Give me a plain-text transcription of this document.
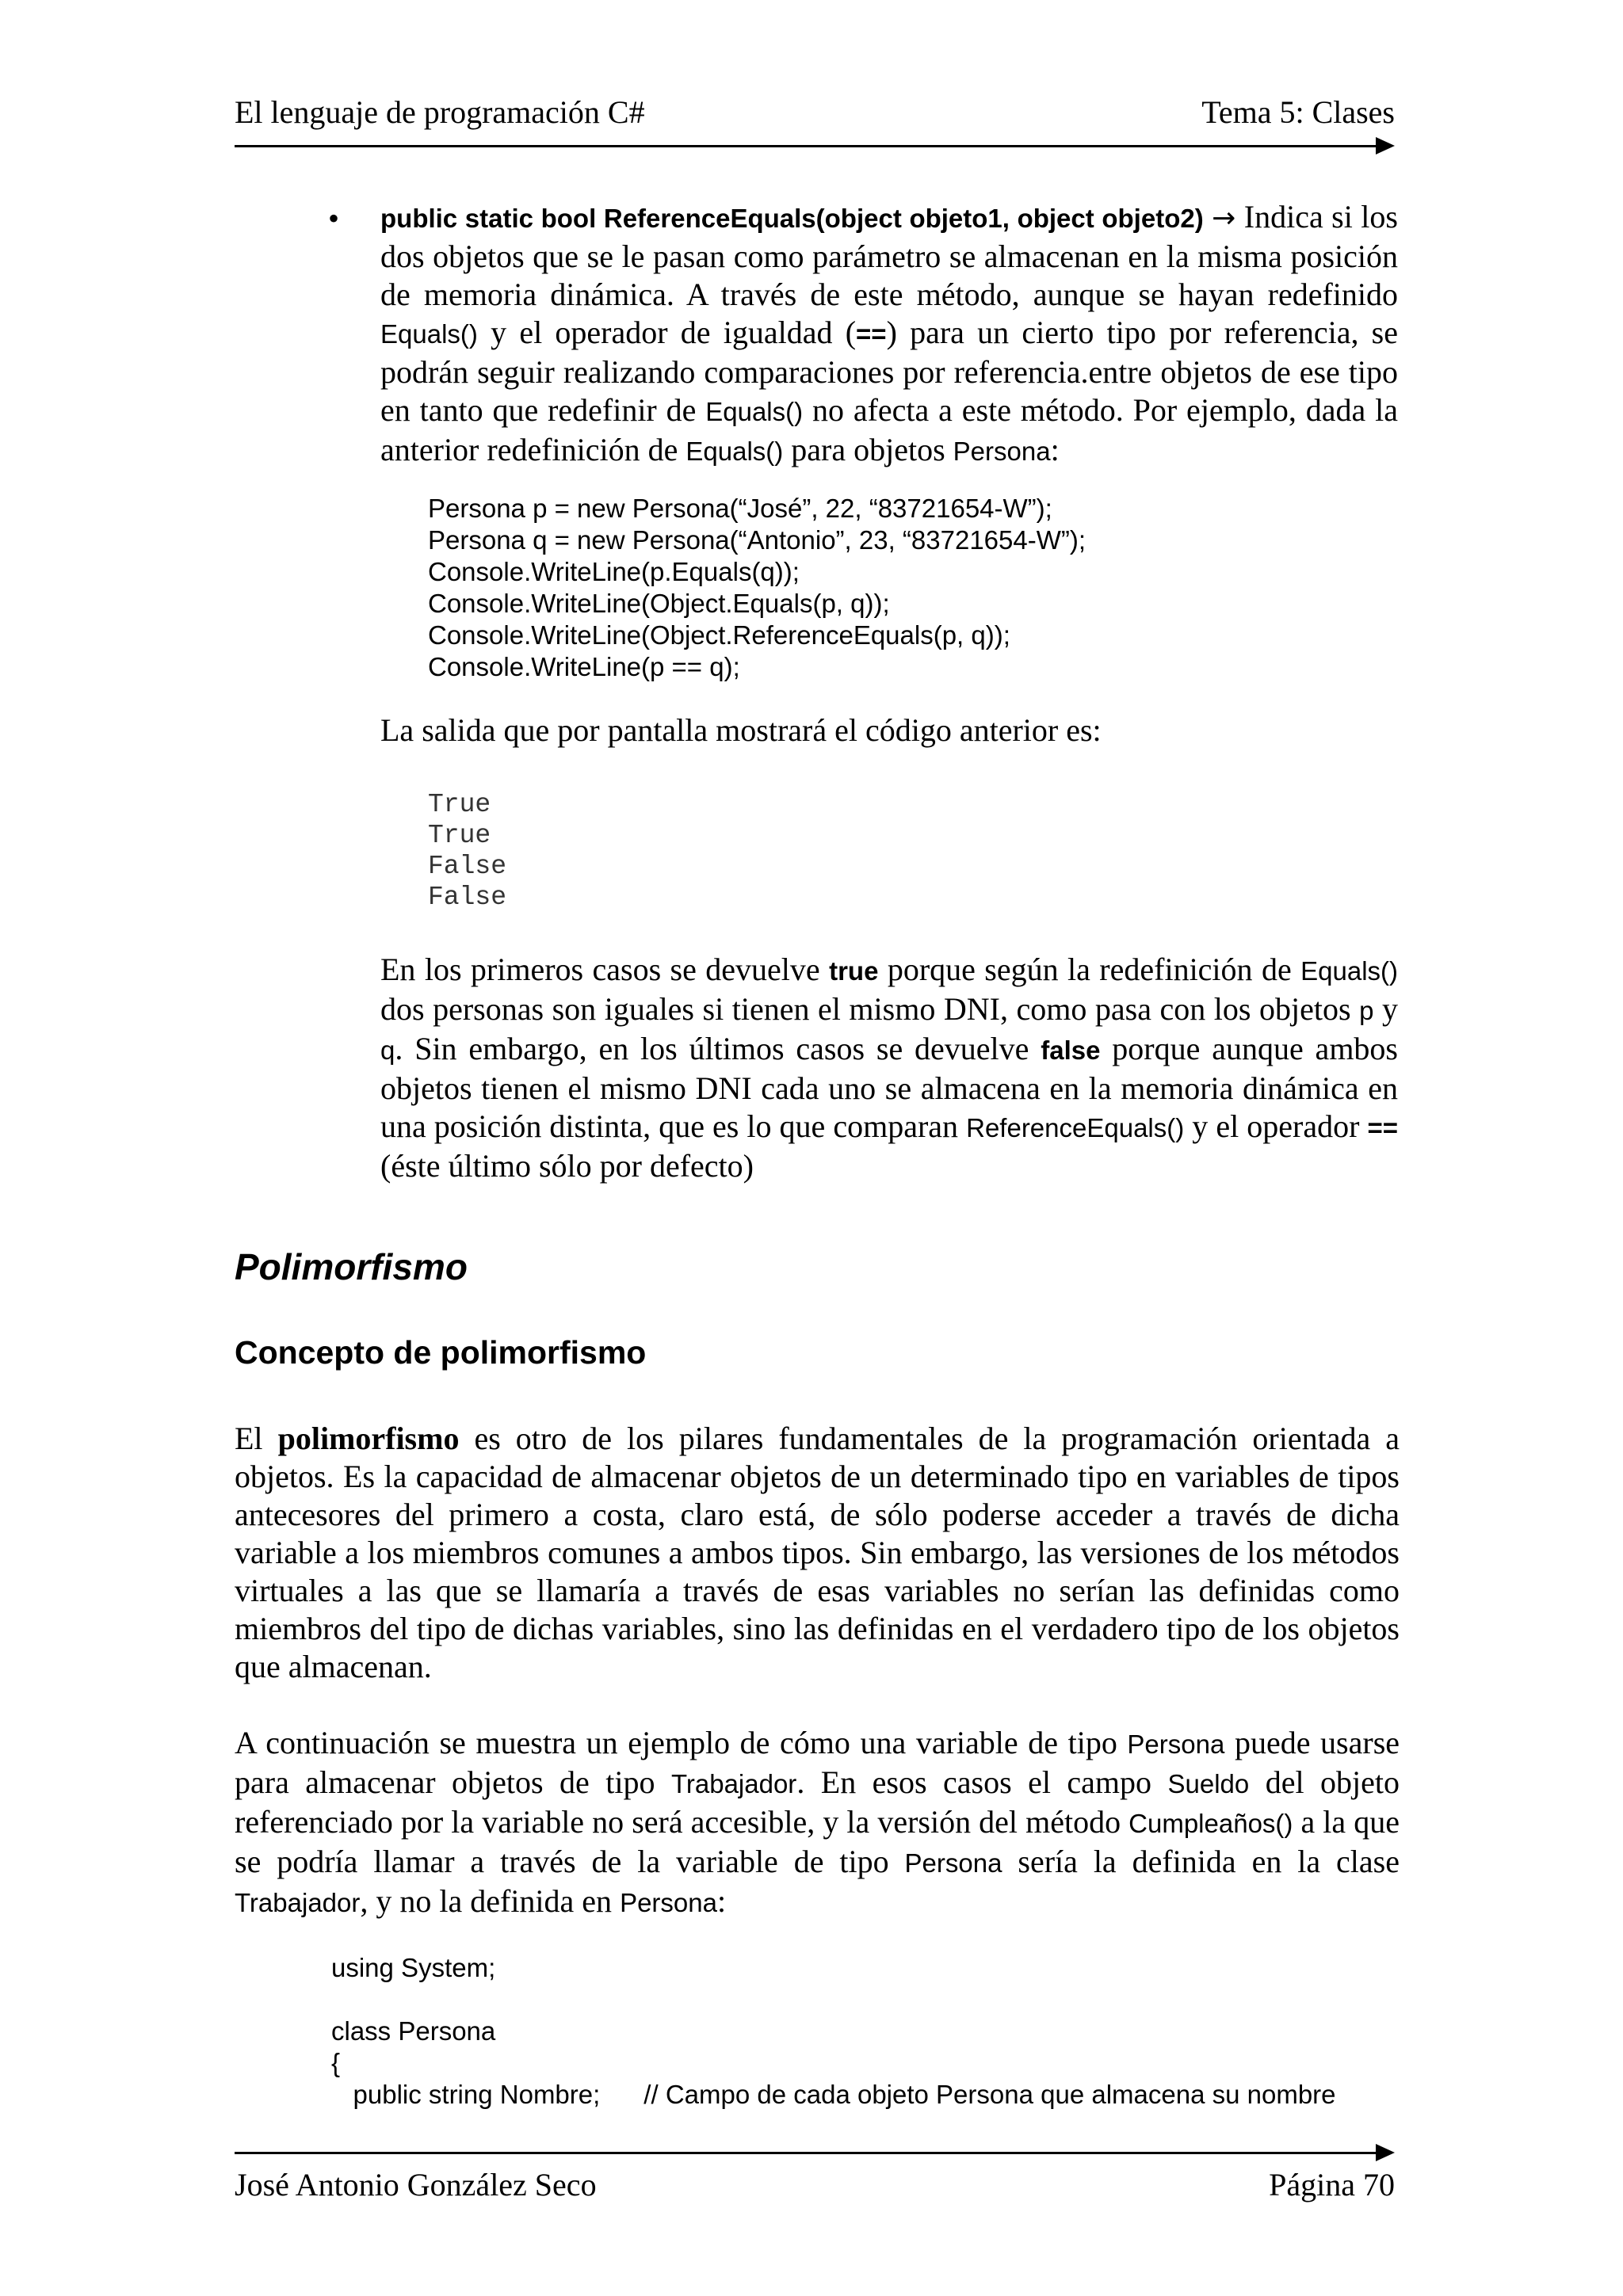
El lenguaje de programación C#	Tema 5: Clases
• public static bool ReferenceEquals(object objeto1, object objeto2) → Indica si los dos objetos que se le pasan como parámetro se almacenan en la misma posición de memoria dinámica. A través de este método, aunque se hayan redefinido Equals() y el operador de igualdad (==) para un cierto tipo por referencia, se podrán seguir realizando comparaciones por referencia.entre objetos de ese tipo en tanto que redefinir de Equals() no afecta a este método. Por ejemplo, dada la anterior redefinición de Equals() para objetos Persona:
Persona p = new Persona(“José”, 22, “83721654-W”);
Persona q = new Persona(“Antonio”, 23, “83721654-W”);
Console.WriteLine(p.Equals(q));
Console.WriteLine(Object.Equals(p, q));
Console.WriteLine(Object.ReferenceEquals(p, q));
Console.WriteLine(p == q);
La salida que por pantalla mostrará el código anterior es:
True
True
False
False
En los primeros casos se devuelve true porque según la redefinición de Equals() dos personas son iguales si tienen el mismo DNI, como pasa con los objetos p y q. Sin embargo, en los últimos casos se devuelve false porque aunque ambos objetos tienen el mismo DNI cada uno se almacena en la memoria dinámica en una posición distinta, que es lo que comparan ReferenceEquals() y el operador == (éste último sólo por defecto)
Polimorfismo
Concepto de polimorfismo
El polimorfismo es otro de los pilares fundamentales de la programación orientada a objetos. Es la capacidad de almacenar objetos de un determinado tipo en variables de tipos antecesores del primero a costa, claro está, de sólo poderse acceder a través de dicha variable a los miembros comunes a ambos tipos. Sin embargo, las versiones de los métodos virtuales a las que se llamaría a través de esas variables no serían las definidas como miembros del tipo de dichas variables, sino las definidas en el verdadero tipo de los objetos que almacenan.
A continuación se muestra un ejemplo de cómo una variable de tipo Persona puede usarse para almacenar objetos de tipo Trabajador. En esos casos el campo Sueldo del objeto referenciado por la variable no será accesible, y la versión del método Cumpleaños() a la que se podría llamar a través de la variable de tipo Persona sería la definida en la clase Trabajador, y no la definida en Persona:
using System;
class Persona
{
public string Nombre;      // Campo de cada objeto Persona que almacena su nombre
José Antonio González Seco	Página 70
